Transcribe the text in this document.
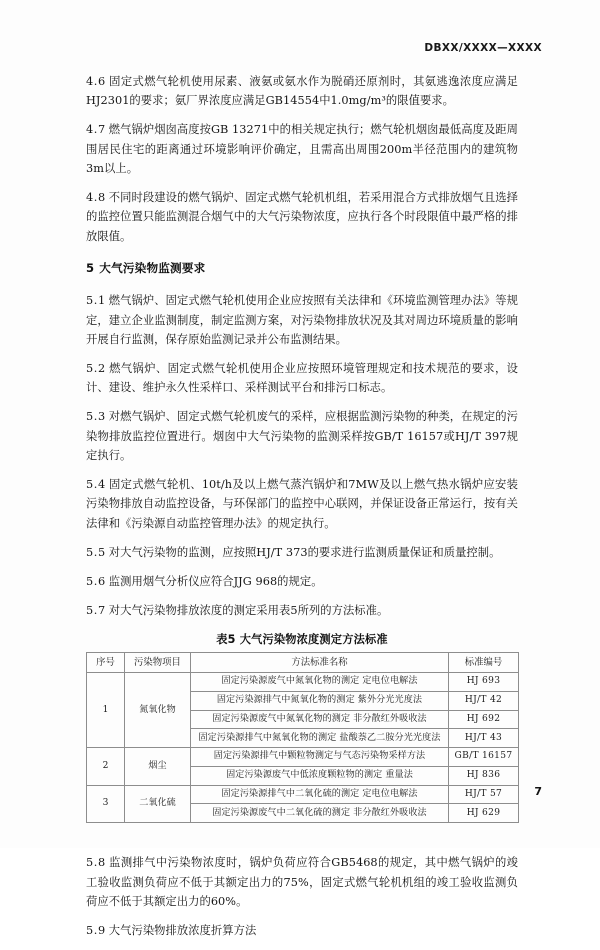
DBXX/XXXX—XXXX

4.6 固定式燃气轮机使用尿素、液氨或氨水作为脱硝还原剂时，其氨逃逸浓度应满足HJ2301的要求；氨厂界浓度应满足GB14554中1.0mg/m³的限值要求。

4.7 燃气锅炉烟囱高度按GB 13271中的相关规定执行；燃气轮机烟囱最低高度及距周围居民住宅的距离通过环境影响评价确定，且需高出周围200m半径范围内的建筑物3m以上。

4.8 不同时段建设的燃气锅炉、固定式燃气轮机机组，若采用混合方式排放烟气且选择的监控位置只能监测混合烟气中的大气污染物浓度，应执行各个时段限值中最严格的排放限值。

5 大气污染物监测要求

5.1 燃气锅炉、固定式燃气轮机使用企业应按照有关法律和《环境监测管理办法》等规定，建立企业监测制度，制定监测方案，对污染物排放状况及其对周边环境质量的影响开展自行监测，保存原始监测记录并公布监测结果。

5.2 燃气锅炉、固定式燃气轮机使用企业应按照环境管理规定和技术规范的要求，设计、建设、维护永久性采样口、采样测试平台和排污口标志。

5.3 对燃气锅炉、固定式燃气轮机废气的采样，应根据监测污染物的种类，在规定的污染物排放监控位置进行。烟囱中大气污染物的监测采样按GB/T 16157或HJ/T 397规定执行。

5.4 固定式燃气轮机、10t/h及以上燃气蒸汽锅炉和7MW及以上燃气热水锅炉应安装污染物排放自动监控设备，与环保部门的监控中心联网，并保证设备正常运行，按有关法律和《污染源自动监控管理办法》的规定执行。

5.5 对大气污染物的监测，应按照HJ/T 373的要求进行监测质量保证和质量控制。

5.6 监测用烟气分析仪应符合JJG 968的规定。

5.7 对大气污染物排放浓度的测定采用表5所列的方法标准。

表5 大气污染物浓度测定方法标准
序号	污染物项目	方法标准名称	标准编号
1	氮氧化物	固定污染源废气中氮氧化物的测定 定电位电解法	HJ 693
		固定污染源排气中氮氧化物的测定 紫外分光光度法	HJ/T 42
		固定污染源废气中氮氧化物的测定 非分散红外吸收法	HJ 692
		固定污染源排气中氮氧化物的测定 盐酸萘乙二胺分光光度法	HJ/T 43
2	烟尘	固定污染源排气中颗粒物测定与气态污染物采样方法	GB/T 16157
		固定污染源废气中低浓度颗粒物的测定 重量法	HJ 836
3	二氧化硫	固定污染源排气中二氧化硫的测定 定电位电解法	HJ/T 57
		固定污染源废气中二氧化硫的测定 非分散红外吸收法	HJ 629

5.8 监测排气中污染物浓度时，锅炉负荷应符合GB5468的规定，其中燃气锅炉的竣工验收监测负荷应不低于其额定出力的75%，固定式燃气轮机机组的竣工验收监测负荷应不低于其额定出力的60%。

5.9 大气污染物排放浓度折算方法

7
